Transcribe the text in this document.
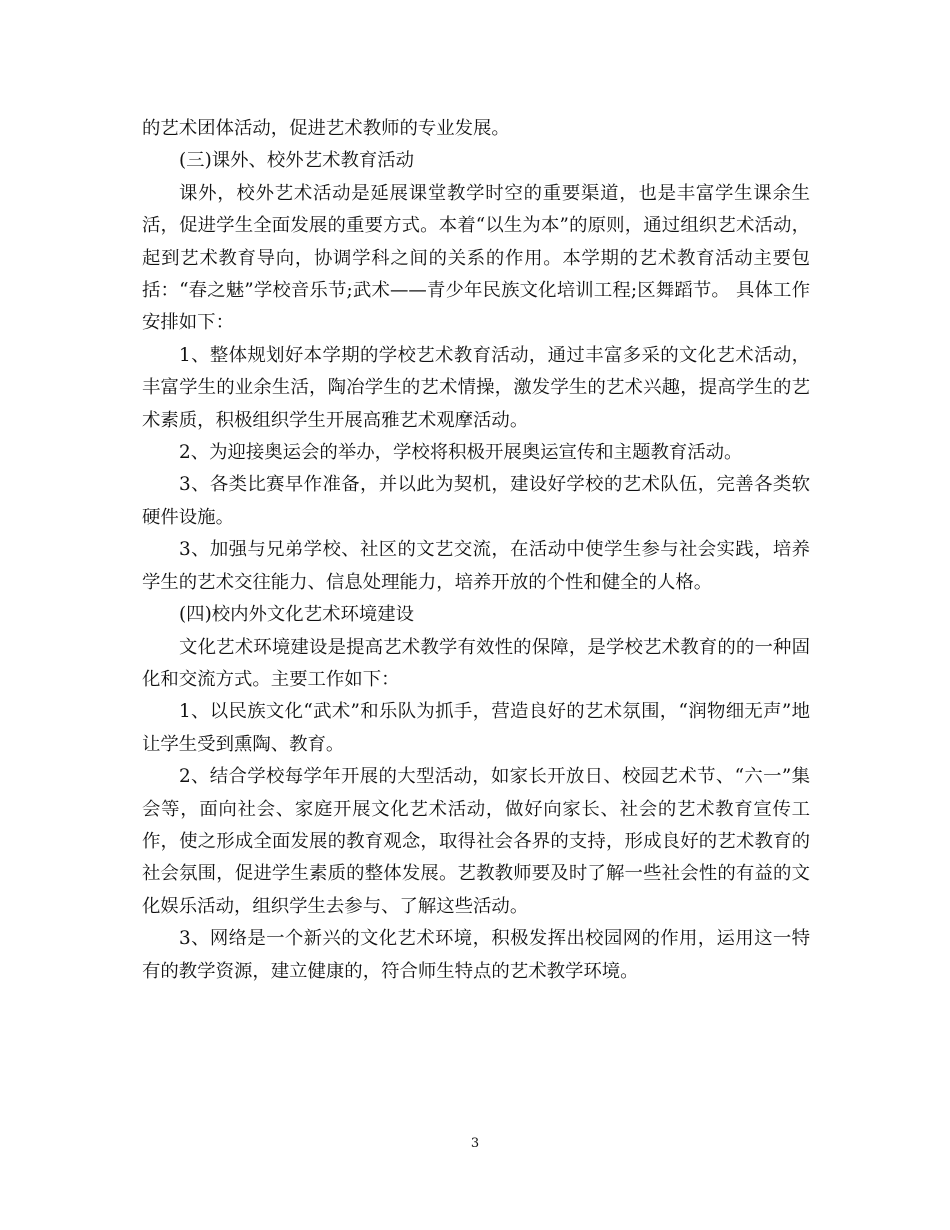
的艺术团体活动，促进艺术教师的专业发展。

(三)课外、校外艺术教育活动

课外，校外艺术活动是延展课堂教学时空的重要渠道，也是丰富学生课余生活，促进学生全面发展的重要方式。本着“以生为本”的原则，通过组织艺术活动，起到艺术教育导向，协调学科之间的关系的作用。本学期的艺术教育活动主要包括：“春之魅”学校音乐节;武术——青少年民族文化培训工程;区舞蹈节。 具体工作安排如下：

1、整体规划好本学期的学校艺术教育活动，通过丰富多采的文化艺术活动，丰富学生的业余生活，陶冶学生的艺术情操，激发学生的艺术兴趣，提高学生的艺术素质，积极组织学生开展高雅艺术观摩活动。

2、为迎接奥运会的举办，学校将积极开展奥运宣传和主题教育活动。

3、各类比赛早作准备，并以此为契机，建设好学校的艺术队伍，完善各类软硬件设施。

3、加强与兄弟学校、社区的文艺交流，在活动中使学生参与社会实践，培养学生的艺术交往能力、信息处理能力，培养开放的个性和健全的人格。

(四)校内外文化艺术环境建设

文化艺术环境建设是提高艺术教学有效性的保障，是学校艺术教育的的一种固化和交流方式。主要工作如下：

1、以民族文化“武术”和乐队为抓手，营造良好的艺术氛围，“润物细无声”地让学生受到熏陶、教育。

2、结合学校每学年开展的大型活动，如家长开放日、校园艺术节、“六一”集会等，面向社会、家庭开展文化艺术活动，做好向家长、社会的艺术教育宣传工作，使之形成全面发展的教育观念，取得社会各界的支持，形成良好的艺术教育的社会氛围，促进学生素质的整体发展。艺教教师要及时了解一些社会性的有益的文化娱乐活动，组织学生去参与、了解这些活动。

3、网络是一个新兴的文化艺术环境，积极发挥出校园网的作用，运用这一特有的教学资源，建立健康的，符合师生特点的艺术教学环境。

3
